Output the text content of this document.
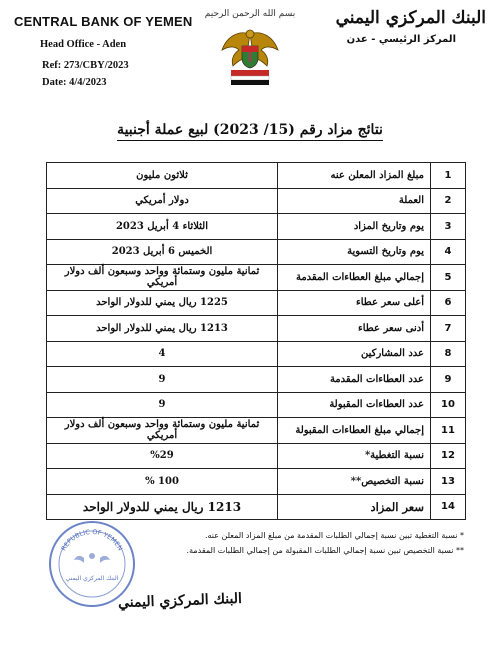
CENTRAL BANK OF YEMEN
Head Office - Aden
Ref: 273/CBY/2023
Date: 4/4/2023
بسم الله الرحمن الرحيم	البنك المركزي اليمني
المركز الرئيسي - عدن
نتائج مزاد رقم (15/ 2023) لبيع عملة أجنبية
1	مبلغ المزاد المعلن عنه	ثلاثون مليون
2	العملة	دولار أمريكي
3	يوم وتاريخ المزاد	الثلاثاء 4 أبريل 2023
4	يوم وتاريخ التسوية	الخميس 6 أبريل 2023
5	إجمالي مبلغ العطاءات المقدمة	ثمانية مليون وستمائة وواحد وسبعون ألف دولار أمريكي
6	أعلى سعر عطاء	1225 ريال يمني للدولار الواحد
7	أدنى سعر عطاء	1213 ريال يمني للدولار الواحد
8	عدد المشاركين	4
9	عدد العطاءات المقدمة	9
10	عدد العطاءات المقبولة	9
11	إجمالي مبلغ العطاءات المقبولة	ثمانية مليون وستمائة وواحد وسبعون ألف دولار أمريكي
12	نسبة التغطية*	%29
13	نسبة التخصيص**	100 %
14	سعر المزاد	1213 ريال يمني للدولار الواحد
* نسبة التغطية تبين نسبة إجمالي الطلبات المقدمة من مبلغ المزاد المعلن عنه.
** نسبة التخصيص تبين نسبة إجمالي الطلبات المقبولة من إجمالي الطلبات المقدمة.
REPUBLIC OF YEMEN
البنك المركزي اليمني
البنك المركزي اليمني
